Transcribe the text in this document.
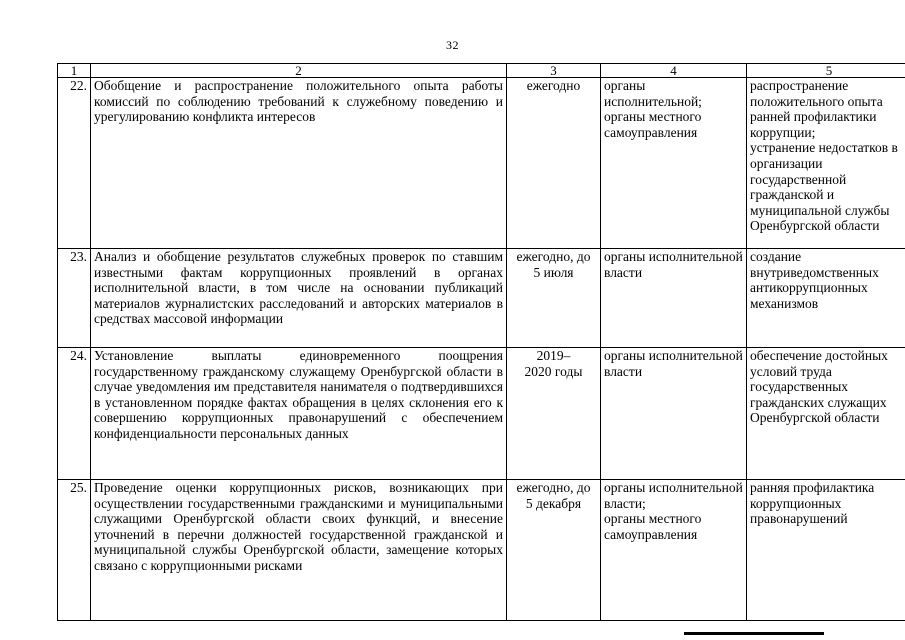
32
1	2	3	4	5
22.	Обобщение и распространение положительного опыта работы комиссий по соблюдению требований к служебному поведению и урегулированию конфликта интересов	ежегодно	органы исполнительной;
органы местного самоуправления	распространение положительного опыта ранней профилактики коррупции;
устранение недостатков в организации государственной гражданской и муниципальной службы Оренбургской области

23.	Анализ и обобщение результатов служебных проверок по ставшим известными фактам коррупционных проявлений в органах исполнительной власти, в том числе на основании публикаций материалов журналистских расследований и авторских материалов в средствах массовой информации	ежегодно, до
5 июля	органы исполнительной власти	создание внутриведомственных антикоррупционных механизмов

24.	Установление выплаты единовременного поощрения государственному гражданскому служащему Оренбургской области в случае уведомления им представителя нанимателя о подтвердившихся в установленном порядке фактах обращения в целях склонения его к совершению коррупционных правонарушений с обеспечением конфиденциальности персональных данных	2019–
2020 годы	органы исполнительной власти	обеспечение достойных условий труда государственных гражданских служащих Оренбургской области

25.	Проведение оценки коррупционных рисков, возникающих при осуществлении государственными гражданскими и муниципальными служащими Оренбургской области своих функций, и внесение уточнений в перечни должностей государственной гражданской и муниципальной службы Оренбургской области, замещение которых связано с коррупционными рисками	ежегодно, до
5 декабря	органы исполнительной власти;
органы местного самоуправления	ранняя профилактика коррупционных правонарушений
